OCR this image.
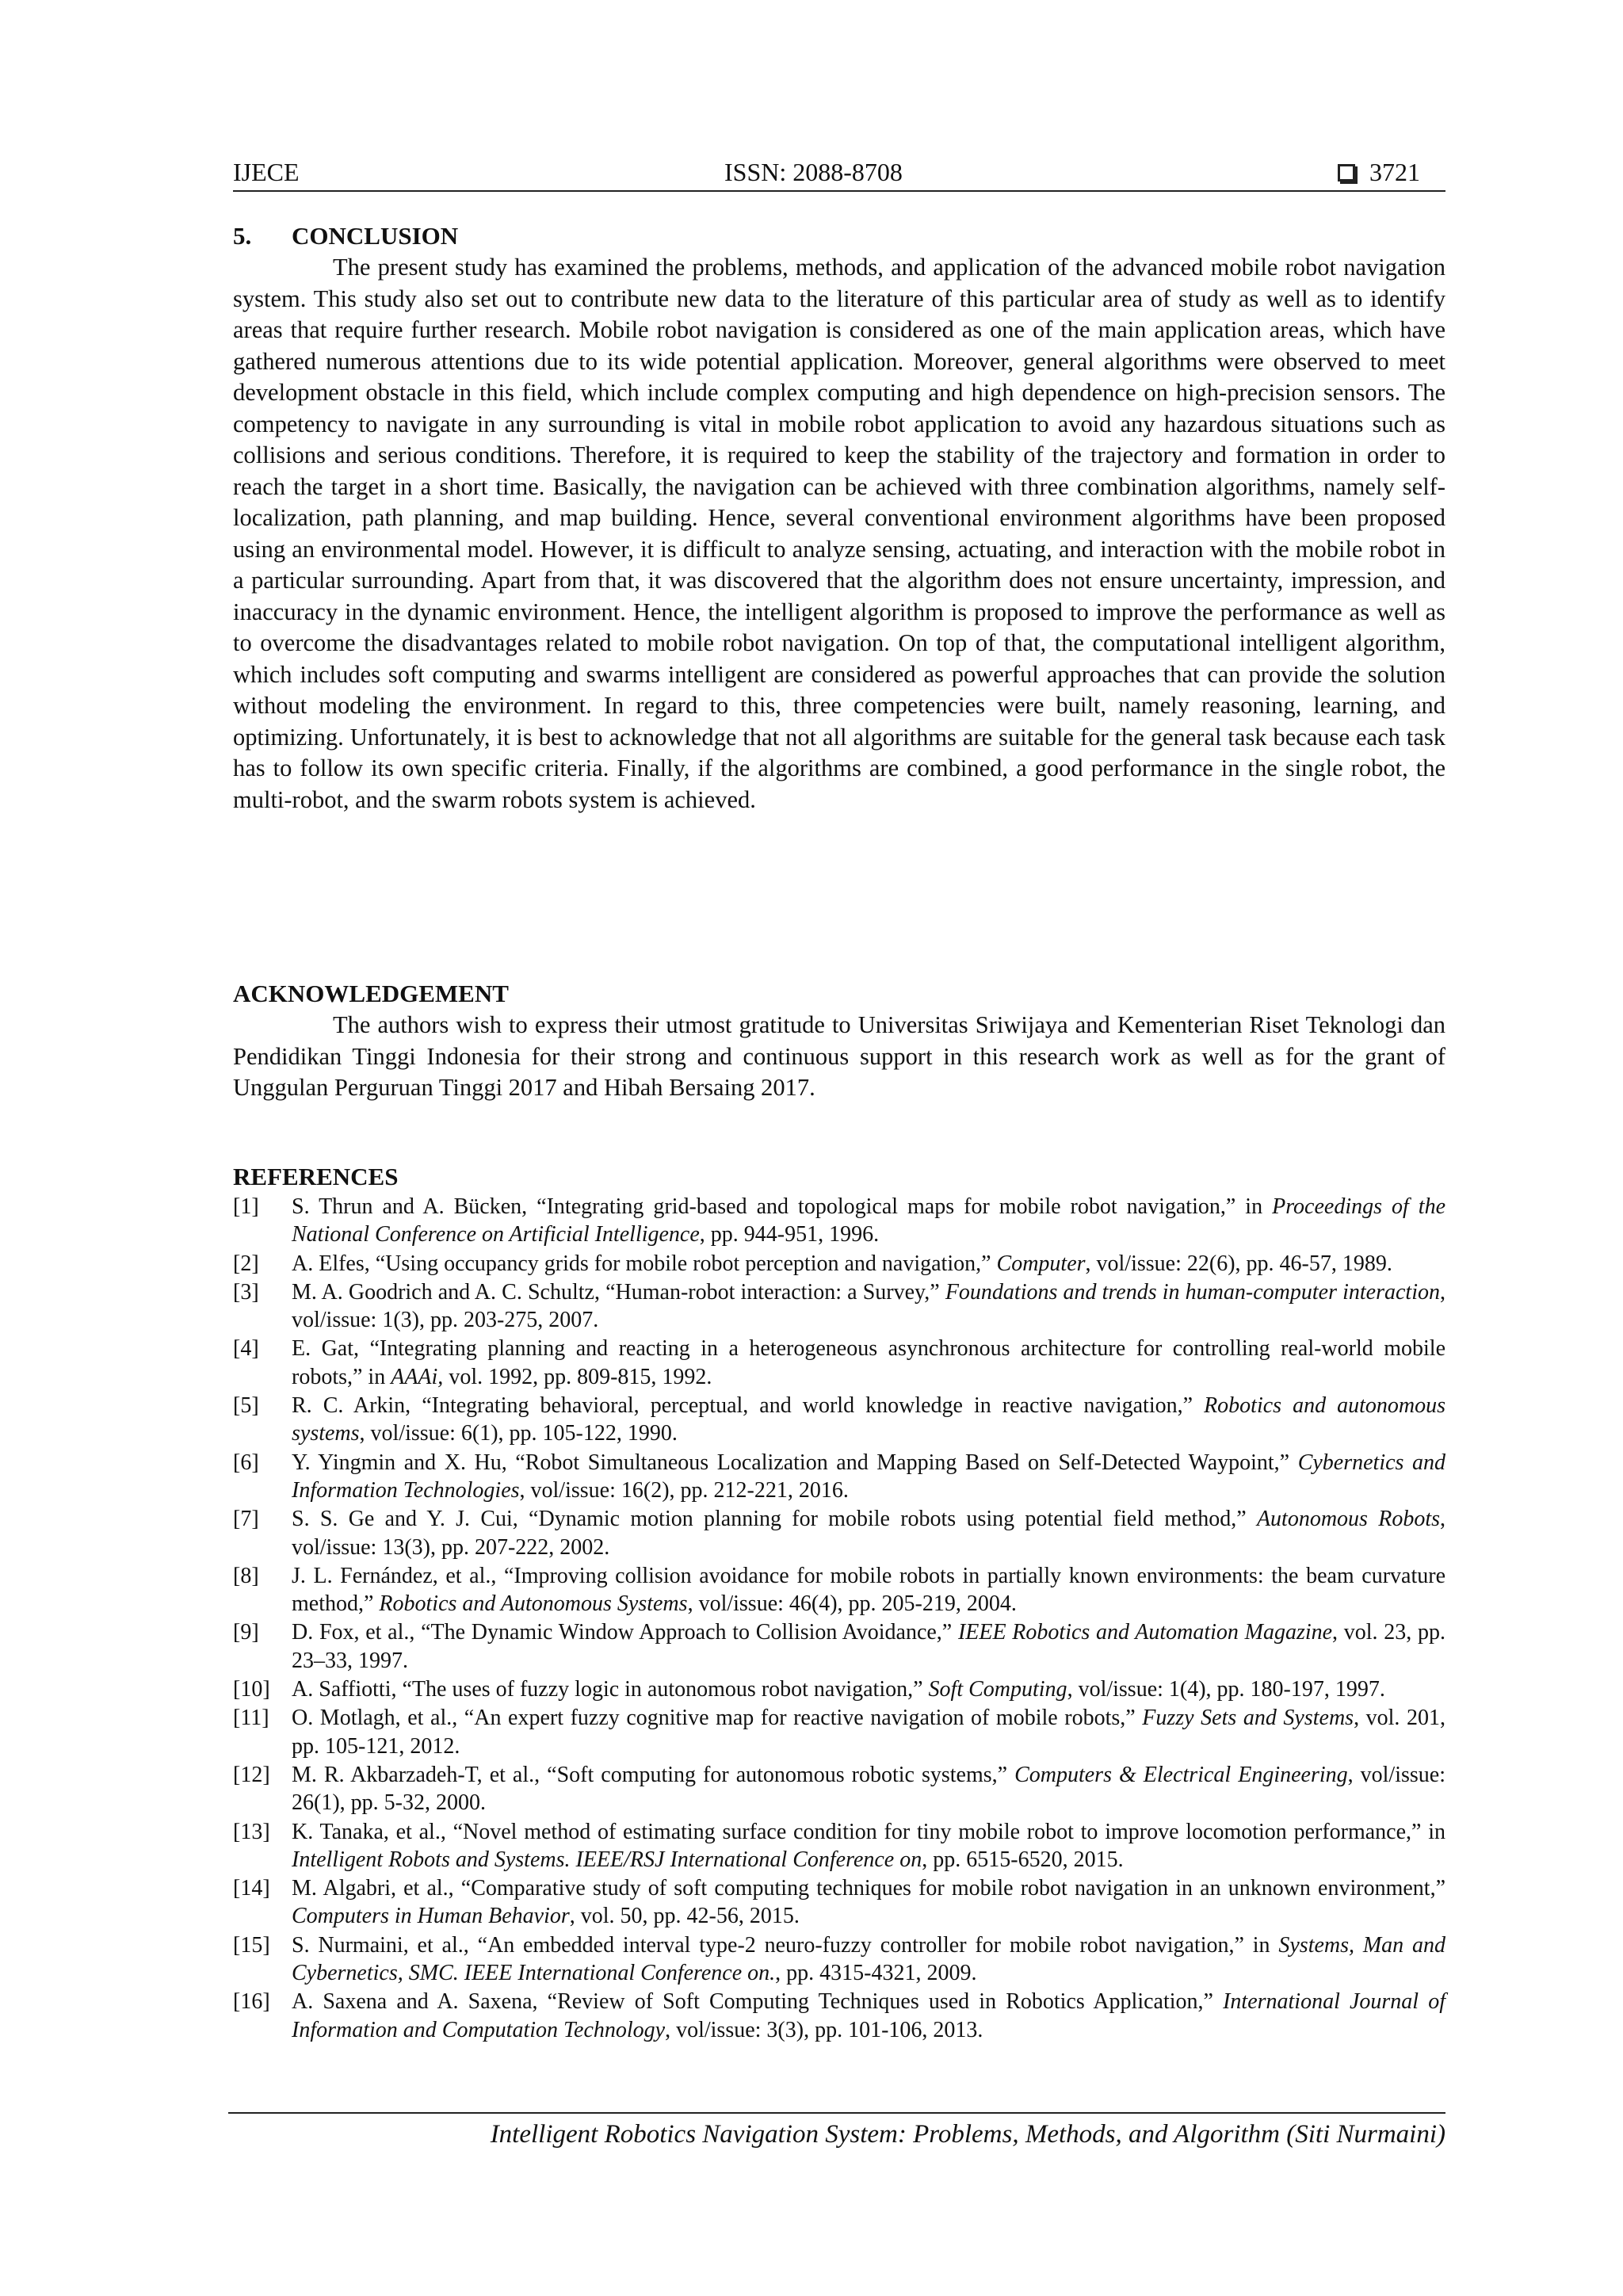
IJECE	ISSN: 2088-8708	3721
5. CONCLUSION

The present study has examined the problems, methods, and application of the advanced mobile robot navigation system. This study also set out to contribute new data to the literature of this particular area of study as well as to identify areas that require further research. Mobile robot navigation is considered as one of the main application areas, which have gathered numerous attentions due to its wide potential application. Moreover, general algorithms were observed to meet development obstacle in this field, which include complex computing and high dependence on high-precision sensors. The competency to navigate in any surrounding is vital in mobile robot application to avoid any hazardous situations such as collisions and serious conditions. Therefore, it is required to keep the stability of the trajectory and formation in order to reach the target in a short time. Basically, the navigation can be achieved with three combination algorithms, namely self-localization, path planning, and map building. Hence, several conventional environment algorithms have been proposed using an environmental model. However, it is difficult to analyze sensing, actuating, and interaction with the mobile robot in a particular surrounding. Apart from that, it was discovered that the algorithm does not ensure uncertainty, impression, and inaccuracy in the dynamic environment. Hence, the intelligent algorithm is proposed to improve the performance as well as to overcome the disadvantages related to mobile robot navigation. On top of that, the computational intelligent algorithm, which includes soft computing and swarms intelligent are considered as powerful approaches that can provide the solution without modeling the environment. In regard to this, three competencies were built, namely reasoning, learning, and optimizing. Unfortunately, it is best to acknowledge that not all algorithms are suitable for the general task because each task has to follow its own specific criteria. Finally, if the algorithms are combined, a good performance in the single robot, the multi-robot, and the swarm robots system is achieved.

ACKNOWLEDGEMENT

The authors wish to express their utmost gratitude to Universitas Sriwijaya and Kementerian Riset Teknologi dan Pendidikan Tinggi Indonesia for their strong and continuous support in this research work as well as for the grant of Unggulan Perguruan Tinggi 2017 and Hibah Bersaing 2017.

REFERENCES
[1] S. Thrun and A. Bücken, “Integrating grid-based and topological maps for mobile robot navigation,” in Proceedings of the National Conference on Artificial Intelligence, pp. 944-951, 1996.
[2] A. Elfes, “Using occupancy grids for mobile robot perception and navigation,” Computer, vol/issue: 22(6), pp. 46-57, 1989.
[3] M. A. Goodrich and A. C. Schultz, “Human-robot interaction: a Survey,” Foundations and trends in human-computer interaction, vol/issue: 1(3), pp. 203-275, 2007.
[4] E. Gat, “Integrating planning and reacting in a heterogeneous asynchronous architecture for controlling real-world mobile robots,” in AAAi, vol. 1992, pp. 809-815, 1992.
[5] R. C. Arkin, “Integrating behavioral, perceptual, and world knowledge in reactive navigation,” Robotics and autonomous systems, vol/issue: 6(1), pp. 105-122, 1990.
[6] Y. Yingmin and X. Hu, “Robot Simultaneous Localization and Mapping Based on Self-Detected Waypoint,” Cybernetics and Information Technologies, vol/issue: 16(2), pp. 212-221, 2016.
[7] S. S. Ge and Y. J. Cui, “Dynamic motion planning for mobile robots using potential field method,” Autonomous Robots, vol/issue: 13(3), pp. 207-222, 2002.
[8] J. L. Fernández, et al., “Improving collision avoidance for mobile robots in partially known environments: the beam curvature method,” Robotics and Autonomous Systems, vol/issue: 46(4), pp. 205-219, 2004.
[9] D. Fox, et al., “The Dynamic Window Approach to Collision Avoidance,” IEEE Robotics and Automation Magazine, vol. 23, pp. 23–33, 1997.
[10] A. Saffiotti, “The uses of fuzzy logic in autonomous robot navigation,” Soft Computing, vol/issue: 1(4), pp. 180-197, 1997.
[11] O. Motlagh, et al., “An expert fuzzy cognitive map for reactive navigation of mobile robots,” Fuzzy Sets and Systems, vol. 201, pp. 105-121, 2012.
[12] M. R. Akbarzadeh-T, et al., “Soft computing for autonomous robotic systems,” Computers & Electrical Engineering, vol/issue: 26(1), pp. 5-32, 2000.
[13] K. Tanaka, et al., “Novel method of estimating surface condition for tiny mobile robot to improve locomotion performance,” in Intelligent Robots and Systems. IEEE/RSJ International Conference on, pp. 6515-6520, 2015.
[14] M. Algabri, et al., “Comparative study of soft computing techniques for mobile robot navigation in an unknown environment,” Computers in Human Behavior, vol. 50, pp. 42-56, 2015.
[15] S. Nurmaini, et al., “An embedded interval type-2 neuro-fuzzy controller for mobile robot navigation,” in Systems, Man and Cybernetics, SMC. IEEE International Conference on., pp. 4315-4321, 2009.
[16] A. Saxena and A. Saxena, “Review of Soft Computing Techniques used in Robotics Application,” International Journal of Information and Computation Technology, vol/issue: 3(3), pp. 101-106, 2013.
Intelligent Robotics Navigation System: Problems, Methods, and Algorithm (Siti Nurmaini)
